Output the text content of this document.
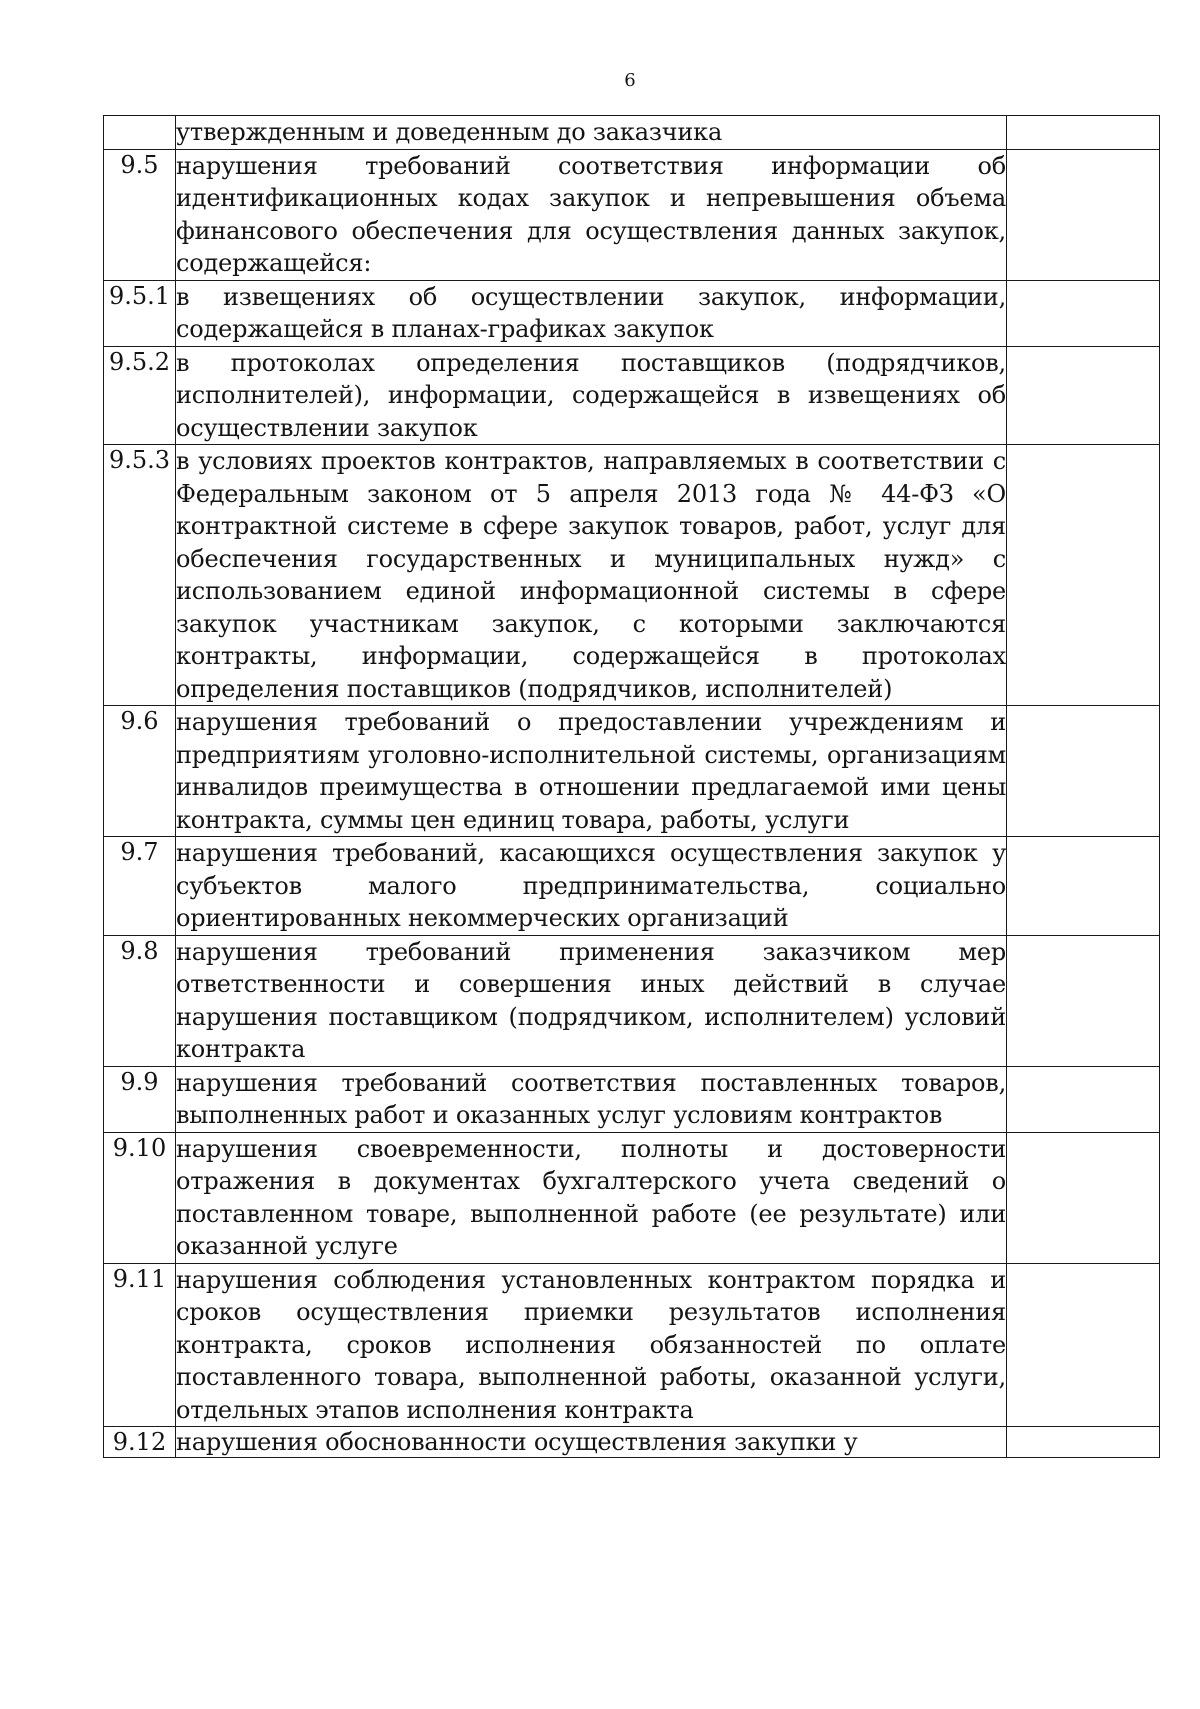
6
	утвержденным и доведенным до заказчика	
9.5	нарушения требований соответствия информации об идентификационных кодах закупок и непревышения объема финансового обеспечения для осуществления данных закупок, содержащейся:	
9.5.1	в извещениях об осуществлении закупок, информации, содержащейся в планах-графиках закупок	
9.5.2	в протоколах определения поставщиков (подрядчиков, исполнителей), информации, содержащейся в извещениях об осуществлении закупок	
9.5.3	в условиях проектов контрактов, направляемых в соответствии с Федеральным законом от 5 апреля 2013 года № 44-ФЗ «О контрактной системе в сфере закупок товаров, работ, услуг для обеспечения государственных и муниципальных нужд» с использованием единой информационной системы в сфере закупок участникам закупок, с которыми заключаются контракты, информации, содержащейся в протоколах определения поставщиков (подрядчиков, исполнителей)	
9.6	нарушения требований о предоставлении учреждениям и предприятиям уголовно-исполнительной системы, организациям инвалидов преимущества в отношении предлагаемой ими цены контракта, суммы цен единиц товара, работы, услуги	
9.7	нарушения требований, касающихся осуществления закупок у субъектов малого предпринимательства, социально ориентированных некоммерческих организаций	
9.8	нарушения требований применения заказчиком мер ответственности и совершения иных действий в случае нарушения поставщиком (подрядчиком, исполнителем) условий контракта	
9.9	нарушения требований соответствия поставленных товаров, выполненных работ и оказанных услуг условиям контрактов	
9.10	нарушения своевременности, полноты и достоверности отражения в документах бухгалтерского учета сведений о поставленном товаре, выполненной работе (ее результате) или оказанной услуге	
9.11	нарушения соблюдения установленных контрактом порядка и сроков осуществления приемки результатов исполнения контракта, сроков исполнения обязанностей по оплате поставленного товара, выполненной работы, оказанной услуги, отдельных этапов исполнения контракта	
9.12	нарушения обоснованности осуществления закупки у	
